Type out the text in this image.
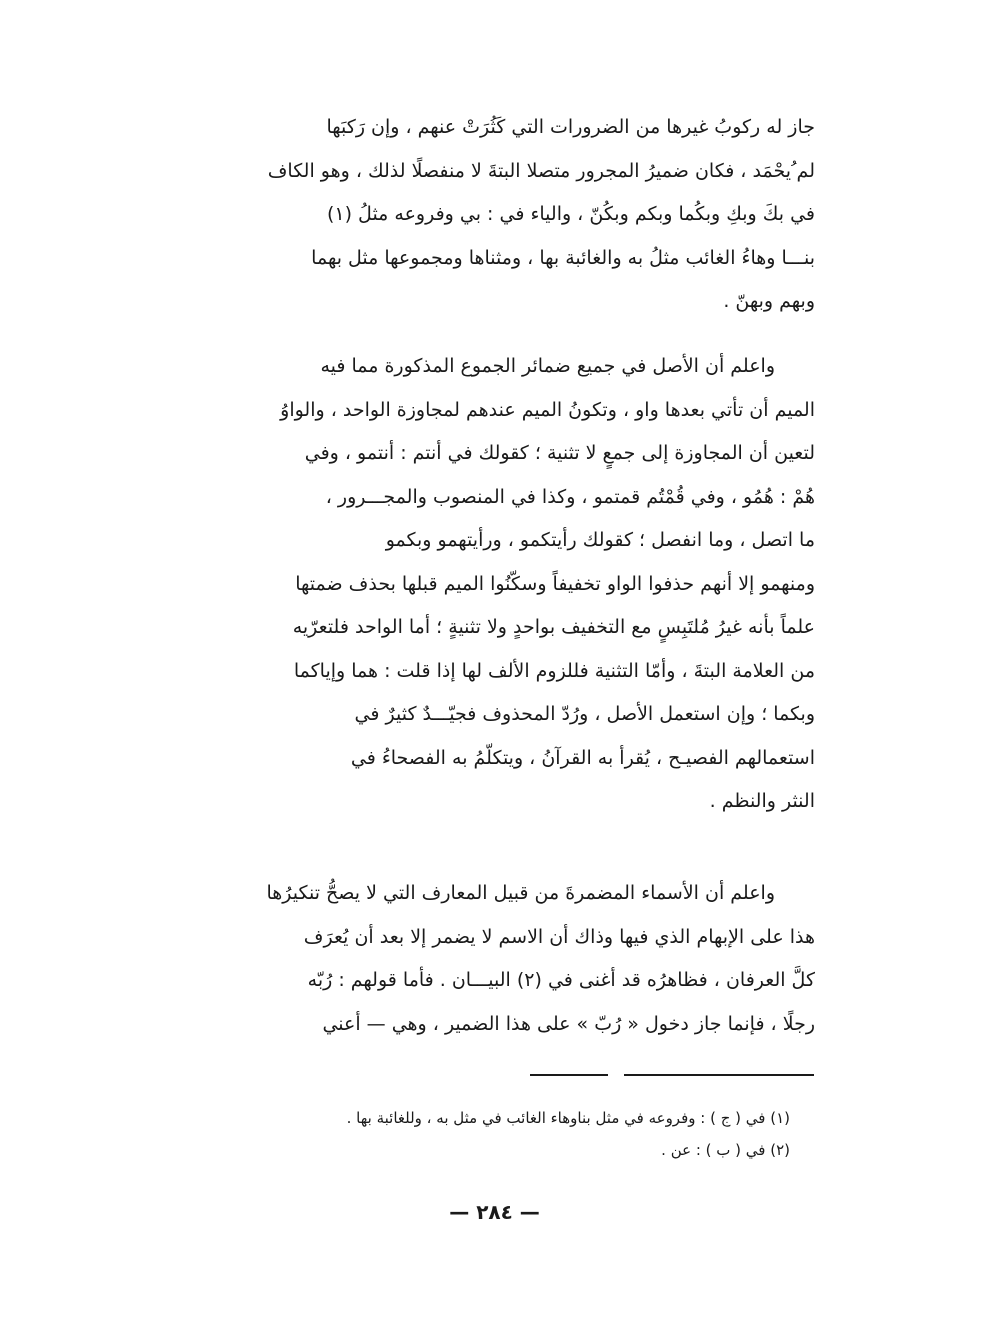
جاز له ركوبُ غيرها من الضرورات التي كَثُرَتْ عنهم ، وإن رَكبَها
لم ُيحْمَد ، فكان ضميرُ المجرور متصلا البتةَ لا منفصلًا لذلك ، وهو الكاف
في بكَ وبكِ وبكُما وبكم وبكُنّ ، والياء في : بي وفروعه مثلُ (١)
بنـــا وهاءُ الغائب مثلُ به والغائبة بها ، ومثناها ومجموعها مثل بهما
وبهم وبهنّ .
واعلم أن الأصل في جميع ضمائر الجموع المذكورة مما فيه
الميم أن تأتي بعدها واو ، وتكونُ الميم عندهم لمجاوزة الواحد ، والواوُ
لتعين أن المجاوزة إلى جمعٍ لا تثنية ؛ كقولك في أنتم : أنتمو ، وفي
هُمْ : هُمُو ، وفي قُمْتُم قمتمو ، وكذا في المنصوب والمجـــرور ،
ما اتصل ، وما انفصل ؛ كقولك رأيتكمو ، ورأيتهمو وبكمو
ومنهمو إلا أنهم حذفوا الواو تخفيفاً وسكّنُوا الميم قبلها بحذف ضمتها
علماً بأنه غيرُ مُلتَبِسٍ مع التخفيف بواحدٍ ولا تثنيةٍ ؛ أما الواحد فلتعرّيه
من العلامة البتةَ ، وأمّا التثنية فللزوم الألف لها إذا قلت : هما وإياكما
وبكما ؛ وإن استعمل الأصل ، ورُدّ المحذوف فجيّـــدٌ كثيرٌ في
استعمالهم الفصيـح ، يُقرأ به القرآنُ ، ويتكلّمُ به الفصحاءُ في
النثر والنظم .
واعلم أن الأسماء المضمرةَ من قبيل المعارف التي لا يصحُّ تنكيرُها
هذا على الإبهام الذي فيها وذاك أن الاسم لا يضمر إلا بعد أن يُعرَف
كلَّ العرفان ، فظاهرُه قد أغنى في (٢) البيـــان . فأما قولهم : رُبّه
رجلًا ، فإنما جاز دخول « رُبّ » على هذا الضمير ، وهي — أعني
(١) في ( ج ) : وفروعه في مثل بناوهاء الغائب في مثل به ، وللغائبة بها .
(٢) في ( ب ) : عن .
— ٢٨٤ —
